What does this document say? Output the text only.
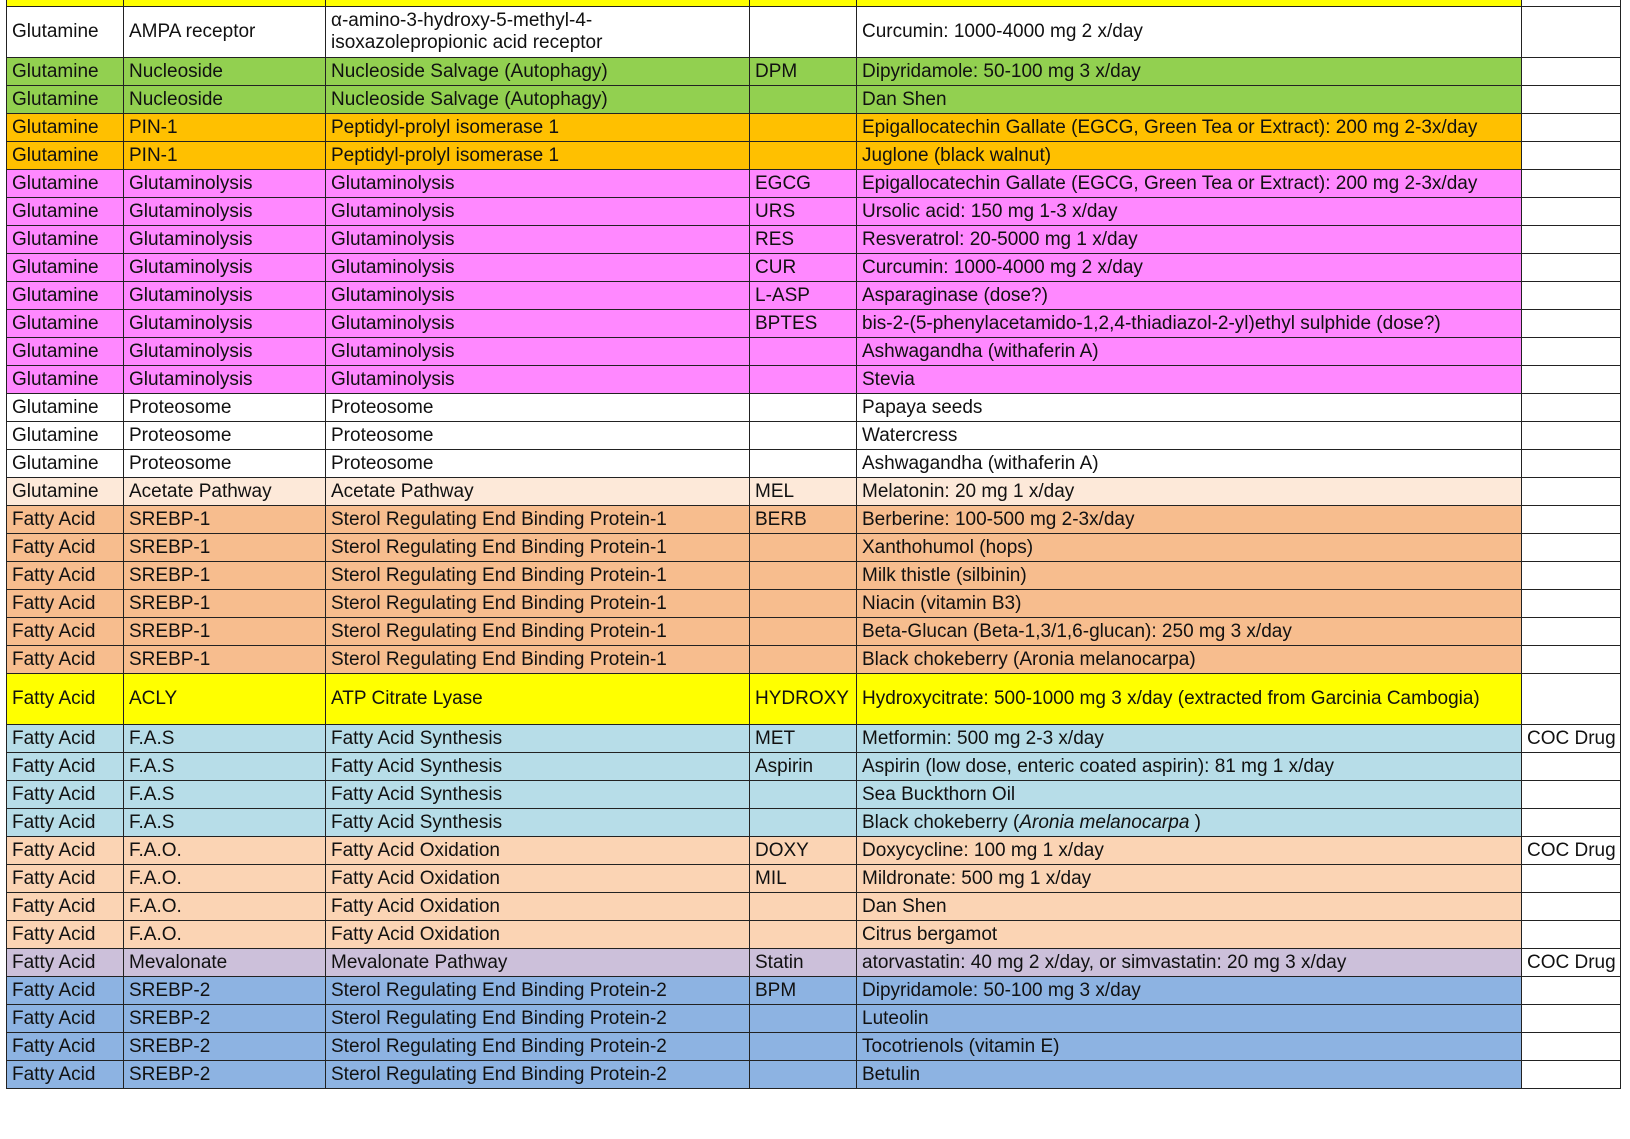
Glutamine	AMPA receptor	α-amino-3-hydroxy-5-methyl-4-isoxazolepropionic acid receptor		Curcumin: 1000-4000 mg 2 x/day	
Glutamine	Nucleoside	Nucleoside Salvage (Autophagy)	DPM	Dipyridamole: 50-100 mg 3 x/day	
Glutamine	Nucleoside	Nucleoside Salvage (Autophagy)		Dan Shen	
Glutamine	PIN-1	Peptidyl-prolyl isomerase 1		Epigallocatechin Gallate (EGCG, Green Tea or Extract): 200 mg 2-3x/day	
Glutamine	PIN-1	Peptidyl-prolyl isomerase 1		Juglone (black walnut)	
Glutamine	Glutaminolysis	Glutaminolysis	EGCG	Epigallocatechin Gallate (EGCG, Green Tea or Extract): 200 mg 2-3x/day	
Glutamine	Glutaminolysis	Glutaminolysis	URS	Ursolic acid: 150 mg 1-3 x/day	
Glutamine	Glutaminolysis	Glutaminolysis	RES	Resveratrol: 20-5000 mg 1 x/day	
Glutamine	Glutaminolysis	Glutaminolysis	CUR	Curcumin: 1000-4000 mg 2 x/day	
Glutamine	Glutaminolysis	Glutaminolysis	L-ASP	Asparaginase (dose?)	
Glutamine	Glutaminolysis	Glutaminolysis	BPTES	bis-2-(5-phenylacetamido-1,2,4-thiadiazol-2-yl)ethyl sulphide (dose?)	
Glutamine	Glutaminolysis	Glutaminolysis		Ashwagandha (withaferin A)	
Glutamine	Glutaminolysis	Glutaminolysis		Stevia	
Glutamine	Proteosome	Proteosome		Papaya seeds	
Glutamine	Proteosome	Proteosome		Watercress	
Glutamine	Proteosome	Proteosome		Ashwagandha (withaferin A)	
Glutamine	Acetate Pathway	Acetate Pathway	MEL	Melatonin: 20 mg 1 x/day	
Fatty Acid	SREBP-1	Sterol Regulating End Binding Protein-1	BERB	Berberine: 100-500 mg 2-3x/day	
Fatty Acid	SREBP-1	Sterol Regulating End Binding Protein-1		Xanthohumol (hops)	
Fatty Acid	SREBP-1	Sterol Regulating End Binding Protein-1		Milk thistle (silbinin)	
Fatty Acid	SREBP-1	Sterol Regulating End Binding Protein-1		Niacin (vitamin B3)	
Fatty Acid	SREBP-1	Sterol Regulating End Binding Protein-1		Beta-Glucan (Beta-1,3/1,6-glucan): 250 mg 3 x/day	
Fatty Acid	SREBP-1	Sterol Regulating End Binding Protein-1		Black chokeberry (Aronia melanocarpa)	
Fatty Acid	ACLY	ATP Citrate Lyase	HYDROXY	Hydroxycitrate: 500-1000 mg 3 x/day (extracted from Garcinia Cambogia)	
Fatty Acid	F.A.S	Fatty Acid Synthesis	MET	Metformin: 500 mg 2-3 x/day	COC Drug
Fatty Acid	F.A.S	Fatty Acid Synthesis	Aspirin	Aspirin (low dose, enteric coated aspirin): 81 mg 1 x/day	
Fatty Acid	F.A.S	Fatty Acid Synthesis		Sea Buckthorn Oil	
Fatty Acid	F.A.S	Fatty Acid Synthesis		Black chokeberry (Aronia melanocarpa )	
Fatty Acid	F.A.O.	Fatty Acid Oxidation	DOXY	Doxycycline: 100 mg 1 x/day	COC Drug
Fatty Acid	F.A.O.	Fatty Acid Oxidation	MIL	Mildronate: 500 mg 1 x/day	
Fatty Acid	F.A.O.	Fatty Acid Oxidation		Dan Shen	
Fatty Acid	F.A.O.	Fatty Acid Oxidation		Citrus bergamot	
Fatty Acid	Mevalonate	Mevalonate Pathway	Statin	atorvastatin: 40 mg 2 x/day, or simvastatin: 20 mg 3 x/day	COC Drug
Fatty Acid	SREBP-2	Sterol Regulating End Binding Protein-2	BPM	Dipyridamole: 50-100 mg 3 x/day	
Fatty Acid	SREBP-2	Sterol Regulating End Binding Protein-2		Luteolin	
Fatty Acid	SREBP-2	Sterol Regulating End Binding Protein-2		Tocotrienols (vitamin E)	
Fatty Acid	SREBP-2	Sterol Regulating End Binding Protein-2		Betulin	
